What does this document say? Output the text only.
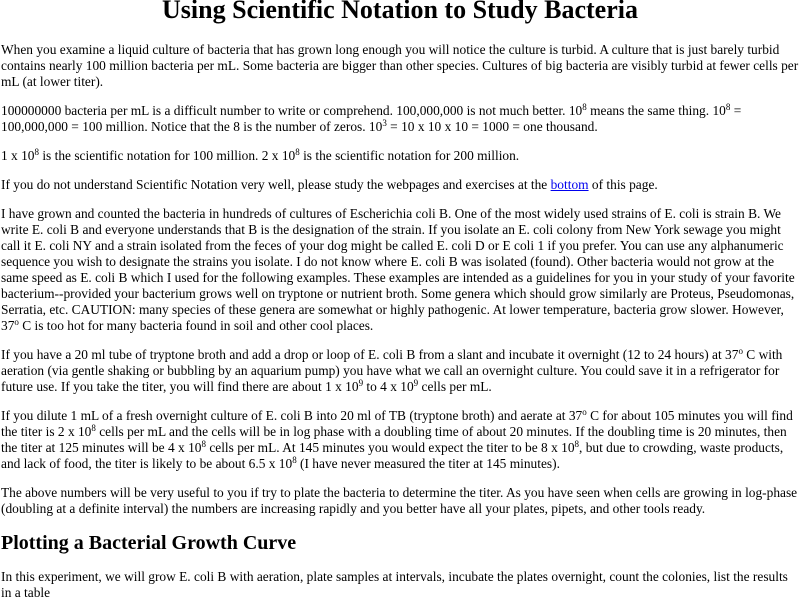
Using Scientific Notation to Study Bacteria

When you examine a liquid culture of bacteria that has grown long enough you will notice the culture is turbid. A culture that is just barely turbid contains nearly 100 million bacteria per mL. Some bacteria are bigger than other species. Cultures of big bacteria are visibly turbid at fewer cells per mL (at lower titer).

100000000 bacteria per mL is a difficult number to write or comprehend. 100,000,000 is not much better. $10^8$ means the same thing. $10^8 = 100,000,000 = 100$ million. Notice that the 8 is the number of zeros. $10^3 = 10$ x 10 x 10 = 1000 = one thousand.

1 x $10^8$ is the scientific notation for 100 million. 2 x $10^8$ is the scientific notation for 200 million.

If you do not understand Scientific Notation very well, please study the webpages and exercises at the bottom of this page.

I have grown and counted the bacteria in hundreds of cultures of Escherichia coli B. One of the most widely used strains of E. coli is strain B. We write E. coli B and everyone understands that B is the designation of the strain. If you isolate an E. coli colony from New York sewage you might call it E. coli NY and a strain isolated from the feces of your dog might be called E. coli D or E coli 1 if you prefer. You can use any alphanumeric sequence you wish to designate the strains you isolate. I do not know where E. coli B was isolated (found). Other bacteria would not grow at the same speed as E. coli B which I used for the following examples. These examples are intended as a guidelines for you in your study of your favorite bacterium--provided your bacterium grows well on tryptone or nutrient broth. Some genera which should grow similarly are Proteus, Pseudomonas, Serratia, etc. CAUTION: many species of these genera are somewhat or highly pathogenic. At lower temperature, bacteria grow slower. However, 37$^o$ C is too hot for many bacteria found in soil and other cool places.

If you have a 20 ml tube of tryptone broth and add a drop or loop of E. coli B from a slant and incubate it overnight (12 to 24 hours) at 37$^o$ C with aeration (via gentle shaking or bubbling by an aquarium pump) you have what we call an overnight culture. You could save it in a refrigerator for future use. If you take the titer, you will find there are about 1 x $10^9$ to 4 x $10^9$ cells per mL.

If you dilute 1 mL of a fresh overnight culture of E. coli B into 20 ml of TB (tryptone broth) and aerate at 37$^o$ C for about 105 minutes you will find the titer is 2 x $10^8$ cells per mL and the cells will be in log phase with a doubling time of about 20 minutes. If the doubling time is 20 minutes, then the titer at 125 minutes will be 4 x $10^8$ cells per mL. At 145 minutes you would expect the titer to be 8 x $10^8$, but due to crowding, waste products, and lack of food, the titer is likely to be about 6.5 x $10^8$ (I have never measured the titer at 145 minutes).

The above numbers will be very useful to you if try to plate the bacteria to determine the titer. As you have seen when cells are growing in log-phase (doubling at a definite interval) the numbers are increasing rapidly and you better have all your plates, pipets, and other tools ready.

Plotting a Bacterial Growth Curve

In this experiment, we will grow E. coli B with aeration, plate samples at intervals, incubate the plates overnight, count the colonies, list the results in a table
